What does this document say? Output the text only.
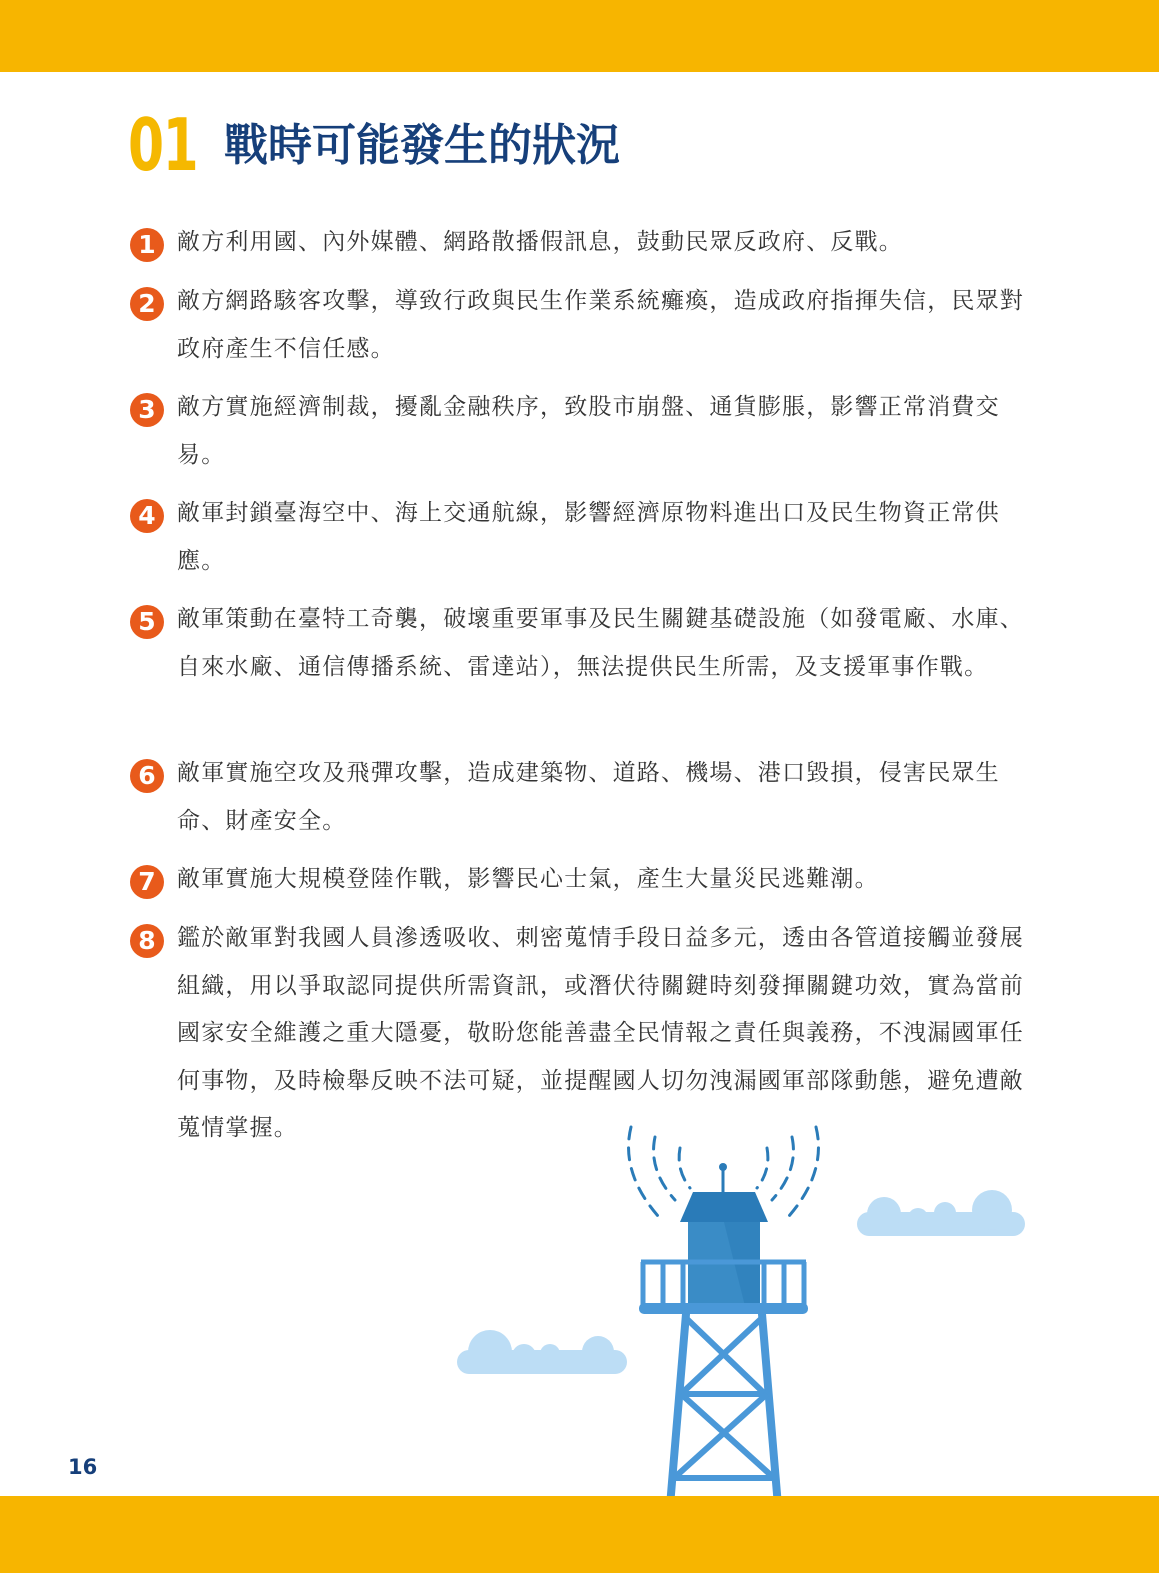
01 戰時可能發生的狀況
1 敵方利用國、內外媒體、網路散播假訊息，鼓動民眾反政府、反戰。
2 敵方網路駭客攻擊，導致行政與民生作業系統癱瘓，造成政府指揮失信，民眾對政府產生不信任感。
3 敵方實施經濟制裁，擾亂金融秩序，致股市崩盤、通貨膨脹，影響正常消費交易。
4 敵軍封鎖臺海空中、海上交通航線，影響經濟原物料進出口及民生物資正常供應。
5 敵軍策動在臺特工奇襲，破壞重要軍事及民生關鍵基礎設施（如發電廠、水庫、自來水廠、通信傳播系統、雷達站），無法提供民生所需，及支援軍事作戰。
6 敵軍實施空攻及飛彈攻擊，造成建築物、道路、機場、港口毀損，侵害民眾生命、財產安全。
7 敵軍實施大規模登陸作戰，影響民心士氣，產生大量災民逃難潮。
8 鑑於敵軍對我國人員滲透吸收、刺密蒐情手段日益多元，透由各管道接觸並發展組織，用以爭取認同提供所需資訊，或潛伏待關鍵時刻發揮關鍵功效，實為當前國家安全維護之重大隱憂，敬盼您能善盡全民情報之責任與義務，不洩漏國軍任何事物，及時檢舉反映不法可疑，並提醒國人切勿洩漏國軍部隊動態，避免遭敵蒐情掌握。
16
